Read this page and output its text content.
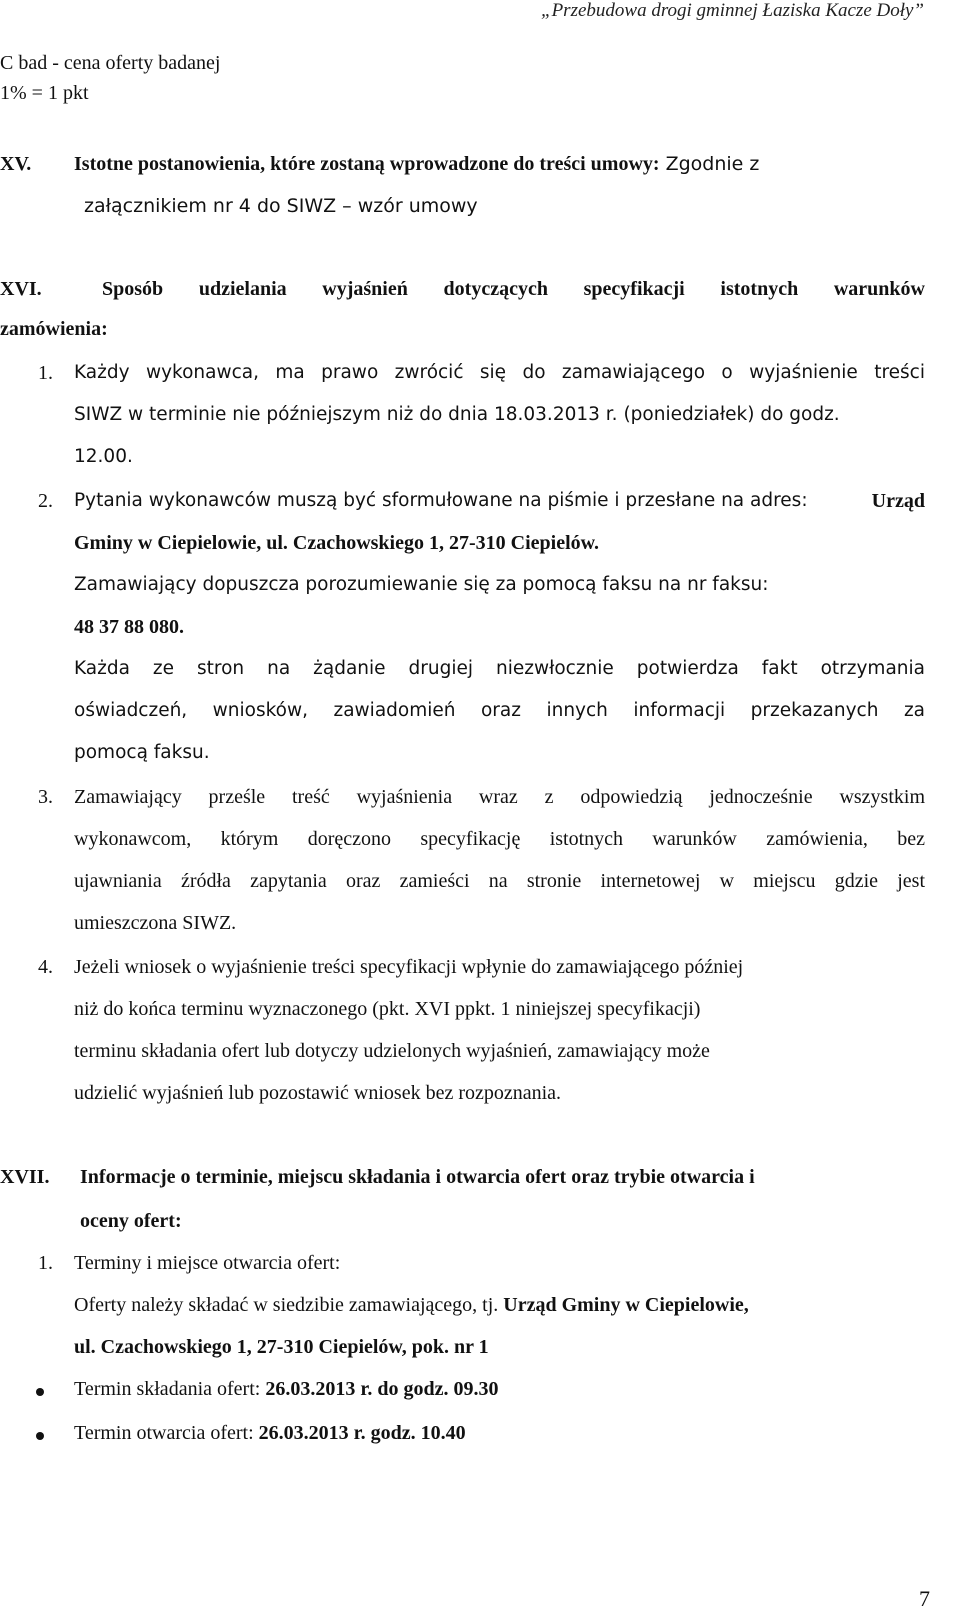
„Przebudowa drogi gminnej Łaziska Kacze Doły”
C bad - cena oferty badanej
1% = 1 pkt
XV. Istotne postanowienia, które zostaną wprowadzone do treści umowy: Zgodnie z
załącznikiem nr 4 do SIWZ – wzór umowy
XVI.	Sposób udzielania wyjaśnień dotyczących specyfikacji istotnych warunków
zamówienia:
1. Każdy wykonawca, ma prawo zwrócić się do zamawiającego o wyjaśnienie treści
SIWZ w terminie nie późniejszym niż do dnia 18.03.2013 r. (poniedziałek) do godz.
12.00.
2. Pytania wykonawców muszą być sformułowane na piśmie i przesłane na adres:	Urząd
Gminy w Ciepielowie, ul. Czachowskiego 1, 27-310 Ciepielów.
Zamawiający dopuszcza porozumiewanie się za pomocą faksu na nr faksu:
48 37 88 080.
Każda ze stron na żądanie drugiej niezwłocznie potwierdza fakt otrzymania
oświadczeń, wniosków, zawiadomień oraz innych informacji przekazanych za
pomocą faksu.
3. Zamawiający prześle treść wyjaśnienia wraz z odpowiedzią jednocześnie wszystkim
wykonawcom, którym doręczono specyfikację istotnych warunków zamówienia, bez
ujawniania źródła zapytania oraz zamieści na stronie internetowej w miejscu gdzie jest
umieszczona SIWZ.
4. Jeżeli wniosek o wyjaśnienie treści specyfikacji wpłynie do zamawiającego później
niż do końca terminu wyznaczonego (pkt. XVI ppkt. 1 niniejszej specyfikacji)
terminu składania ofert lub dotyczy udzielonych wyjaśnień, zamawiający może
udzielić wyjaśnień lub pozostawić wniosek bez rozpoznania.
XVII. Informacje o terminie, miejscu składania i otwarcia ofert oraz trybie otwarcia i
oceny ofert:
1. Terminy i miejsce otwarcia ofert:
Oferty należy składać w siedzibie zamawiającego, tj. Urząd Gminy w Ciepielowie,
ul. Czachowskiego 1, 27-310 Ciepielów, pok. nr 1
Termin składania ofert: 26.03.2013 r. do godz. 09.30
Termin otwarcia ofert: 26.03.2013 r. godz. 10.40
7
